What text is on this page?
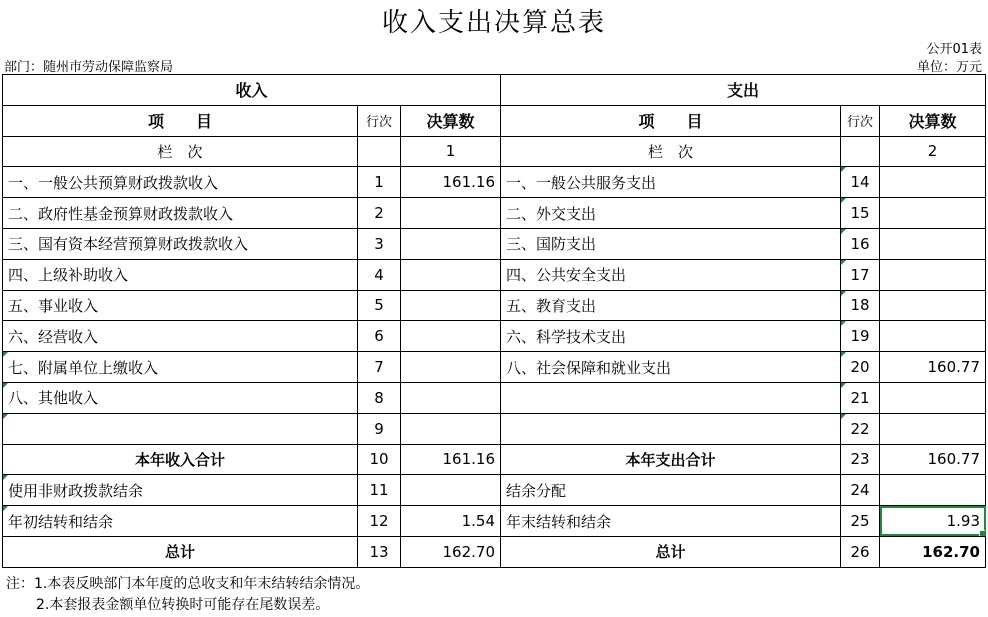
收入支出决算总表
公开01表
部门：随州市劳动保障监察局	单位：万元
收入			支出		
项　　目	行次	决算数	项　　目	行次	决算数
栏　次		1	栏　次		2
一、一般公共预算财政拨款收入	1	161.16	一、一般公共服务支出	14	
二、政府性基金预算财政拨款收入	2		二、外交支出	15	
三、国有资本经营预算财政拨款收入	3		三、国防支出	16	
四、上级补助收入	4		四、公共安全支出	17	
五、事业收入	5		五、教育支出	18	
六、经营收入	6		六、科学技术支出	19	
七、附属单位上缴收入	7		八、社会保障和就业支出	20	160.77
八、其他收入	8			21	
	9			22	
本年收入合计	10	161.16	本年支出合计	23	160.77
使用非财政拨款结余	11		结余分配	24	
年初结转和结余	12	1.54	年末结转和结余	25	1.93

总计	13	162.70	总计	26	162.70
注：1.本表反映部门本年度的总收支和年末结转结余情况。
2.本套报表金额单位转换时可能存在尾数误差。
